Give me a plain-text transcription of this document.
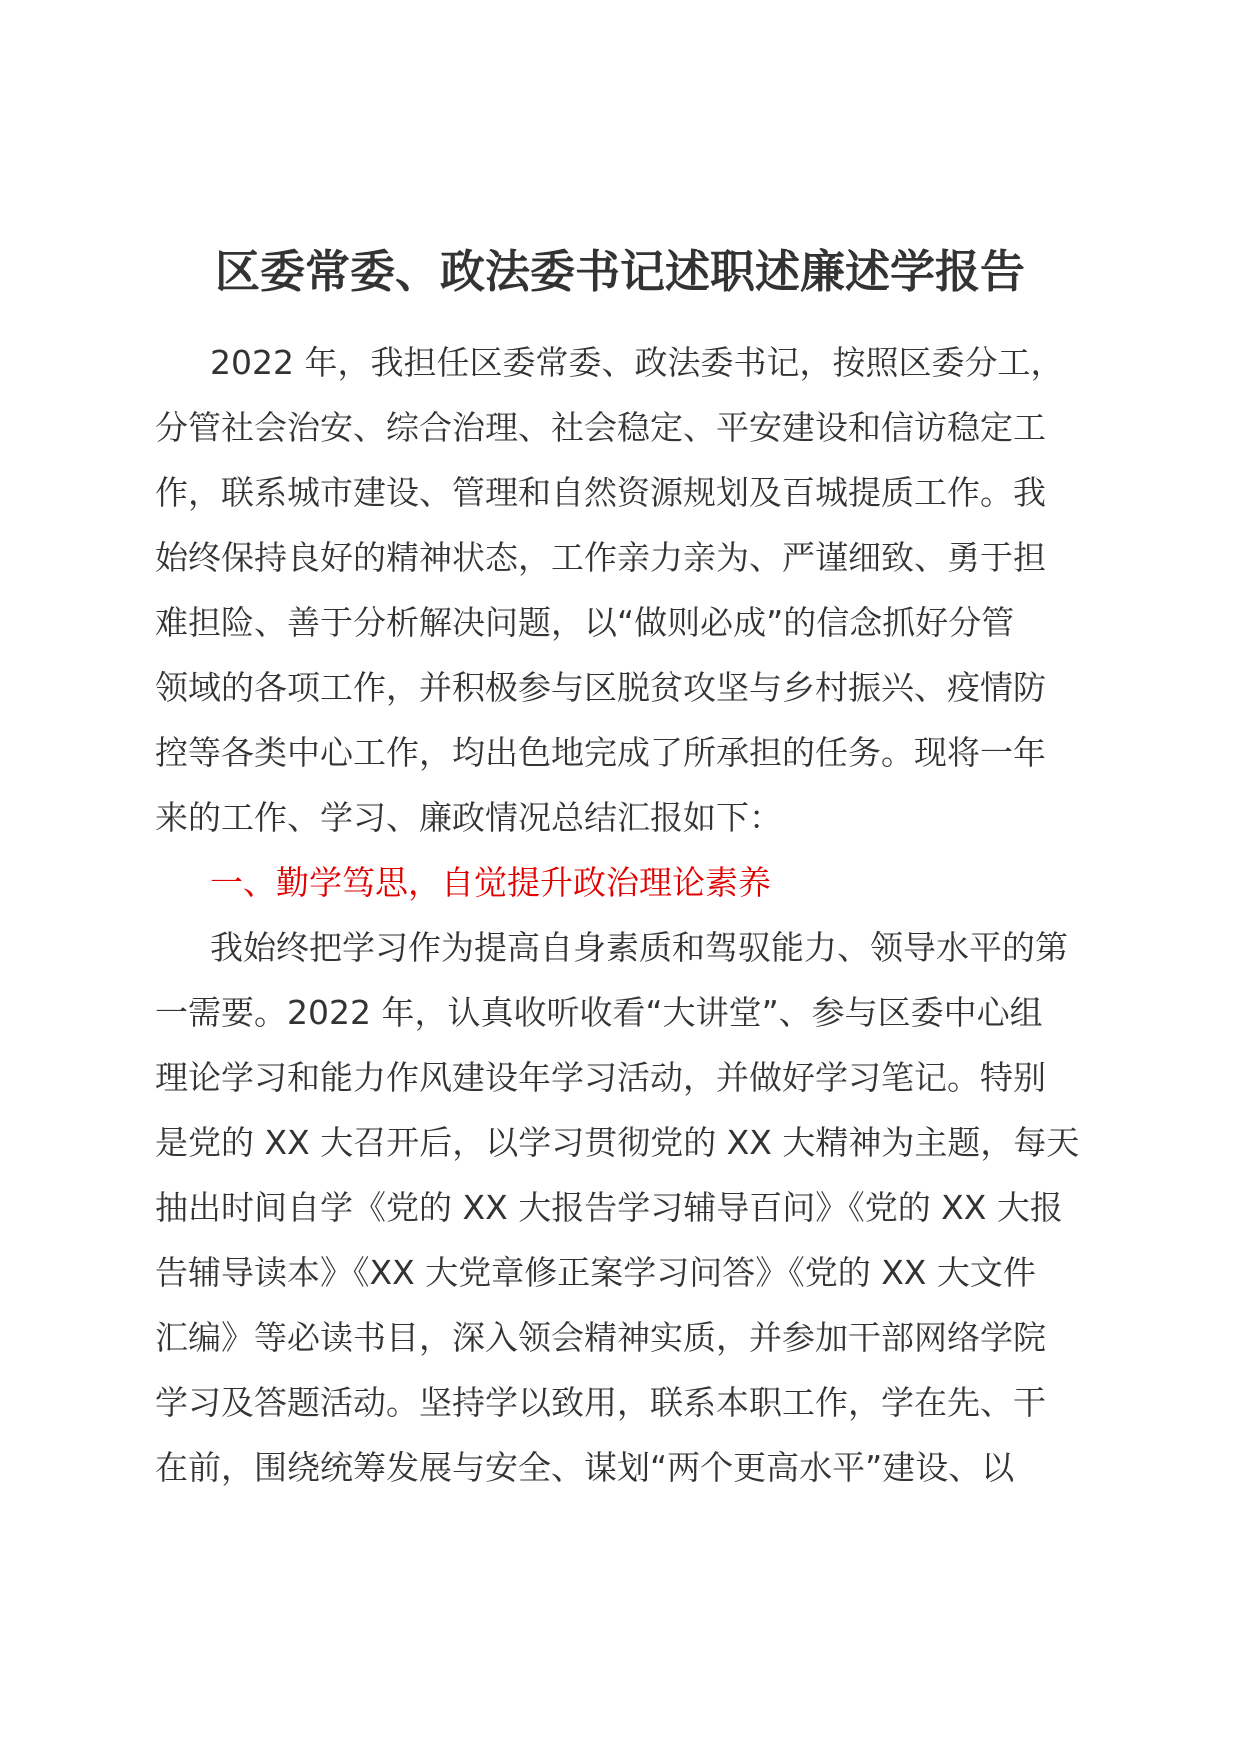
区委常委、政法委书记述职述廉述学报告
2022 年，我担任区委常委、政法委书记，按照区委分工，
分管社会治安、综合治理、社会稳定、平安建设和信访稳定工
作，联系城市建设、管理和自然资源规划及百城提质工作。我
始终保持良好的精神状态，工作亲力亲为、严谨细致、勇于担
难担险、善于分析解决问题，以“做则必成”的信念抓好分管
领域的各项工作，并积极参与区脱贫攻坚与乡村振兴、疫情防
控等各类中心工作，均出色地完成了所承担的任务。现将一年
来的工作、学习、廉政情况总结汇报如下：
一、勤学笃思，自觉提升政治理论素养
我始终把学习作为提高自身素质和驾驭能力、领导水平的第
一需要。2022 年，认真收听收看“大讲堂”、参与区委中心组
理论学习和能力作风建设年学习活动，并做好学习笔记。特别
是党的 XX 大召开后，以学习贯彻党的 XX 大精神为主题，每天
抽出时间自学《党的 XX 大报告学习辅导百问》《党的 XX 大报
告辅导读本》《XX 大党章修正案学习问答》《党的 XX 大文件
汇编》等必读书目，深入领会精神实质，并参加干部网络学院
学习及答题活动。坚持学以致用，联系本职工作，学在先、干
在前，围绕统筹发展与安全、谋划“两个更高水平”建设、以
